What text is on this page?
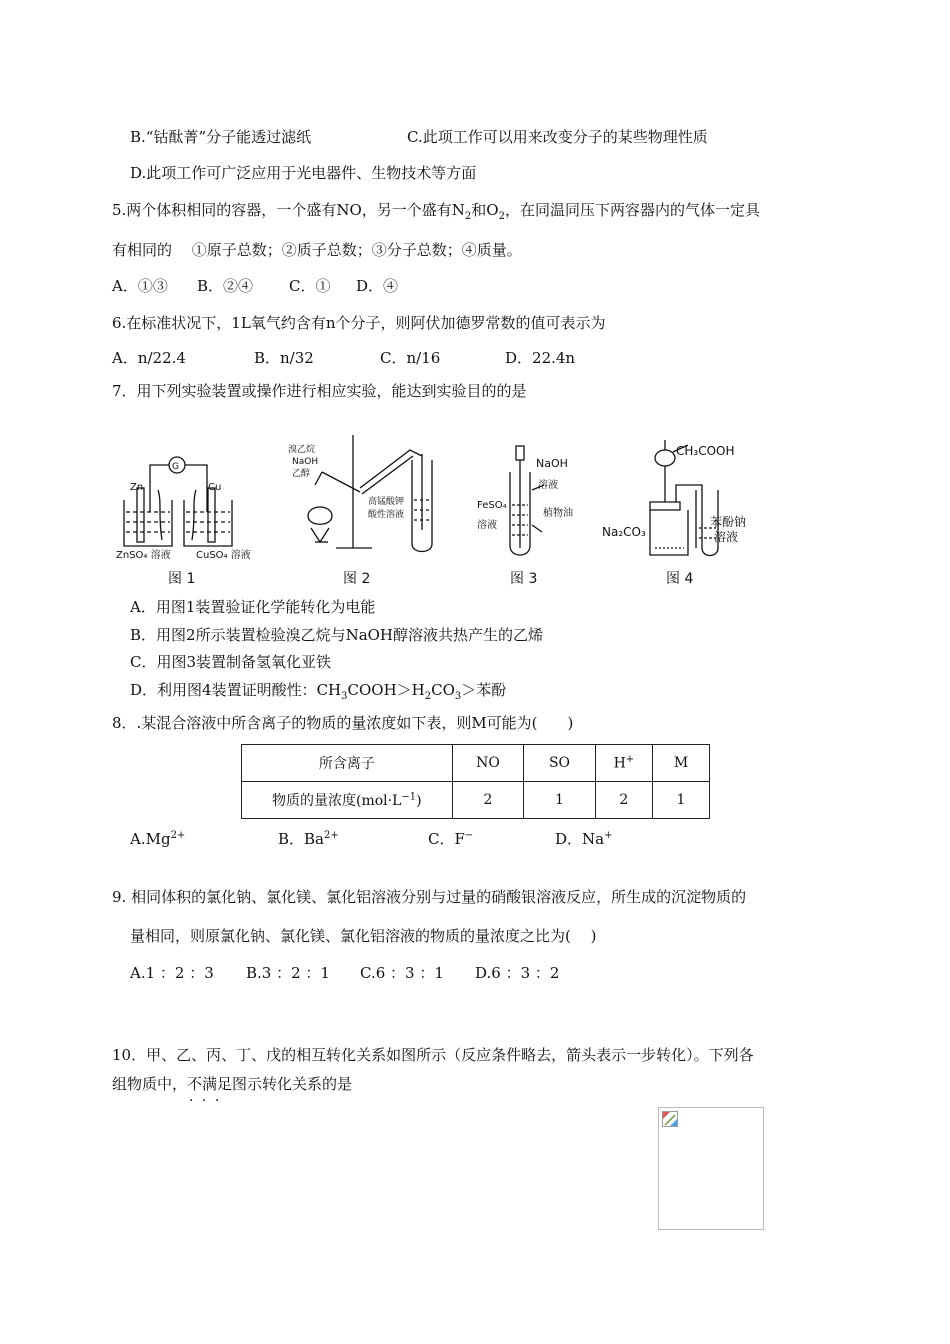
B.“钴酞菁”分子能透过滤纸	C.此项工作可以用来改变分子的某些物理性质
D.此项工作可广泛应用于光电器件、生物技术等方面
5.两个体积相同的容器，一个盛有NO，另一个盛有$N_2$和$O_2$，在同温同压下两容器内的气体一定具
有相同的　 ①原子总数；②质子总数；③分子总数；④质量。
A．①③ B．②④ C．① D．④
6.在标准状况下，1L氧气约含有n个分子，则阿伏加德罗常数的值可表示为
A．n/22.4	B．n/32	C．n/16	D．22.4n
7．用下列实验装置或操作进行相应实验，能达到实验目的的是
G
Zn	Cu
ZnSO₄ 溶液	CuSO₄ 溶液
溴乙烷
NaOH
乙醇
高锰酸钾
酸性溶液
NaOH
溶液
FeSO₄
溶液
植物油
CH₃COOH
Na₂CO₃
苯酚钠
溶液
图 1	图 2	图 3	图 4
A．用图1装置验证化学能转化为电能
B．用图2所示装置检验溴乙烷与NaOH醇溶液共热产生的乙烯
C．用图3装置制备氢氧化亚铁
D．利用图4装置证明酸性：$CH_3COOH>H_2CO_3>$苯酚
8．.某混合溶液中所含离子的物质的量浓度如下表，则M可能为(　　)
所含离子	NO	SO	H+	M
物质的量浓度$(mol\cdot L^{-1})$	2	1	2	1
$A.Mg^{2+}$	B．$Ba^{2+}$	C．F−	D．Na+
9. 相同体积的氯化钠、氯化镁、氯化铝溶液分别与过量的硝酸银溶液反应，所生成的沉淀物质的
量相同，则原氯化钠、氯化镁、氯化铝溶液的物质的量浓度之比为(　 )
A.1 ：2 ：3 B.3 ：2 ：1 C.6 ：3 ：1 D.6 ：3 ：2
10．甲、乙、丙、丁、戊的相互转化关系如图所示（反应条件略去，箭头表示一步转化）。下列各
组物质中，不满足 · · ·图示转化关系的是
